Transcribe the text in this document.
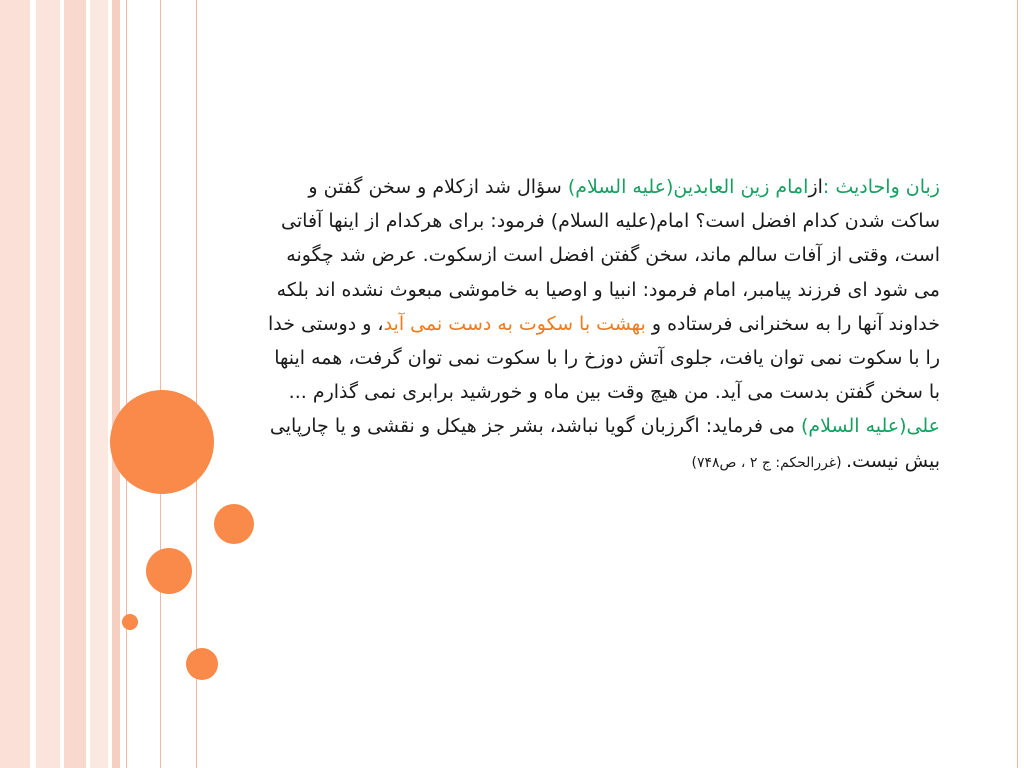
زبان واحادیث :ازامام زین العابدین(علیه السلام) سؤال شد ازکلام و سخن گفتن و ساکت شدن کدام افضل است؟ امام(علیه السلام) فرمود: برای هرکدام از اینها آفاتی است، وقتی از آفات سالم ماند، سخن گفتن افضل است ازسکوت. عرض شد چگونه می شود ای فرزند پیامبر، امام فرمود: انبیا و اوصیا به خاموشی مبعوث نشده اند بلکه خداوند آنها را به سخنرانی فرستاده و بهشت با سکوت به دست نمی آید، و دوستی خدا را با سکوت نمی توان یافت، جلوی آتش دوزخ را با سکوت نمی توان گرفت، همه اینها با سخن گفتن بدست می آید. من هیچ وقت بین ماه و خورشید برابری نمی گذارم ...
علی(علیه السلام) می فرماید: اگرزبان گویا نباشد، بشر جز هیکل و نقشی و یا چارپایی بیش نیست. (غررالحکم: ج ۲ ، ص۷۴۸)
